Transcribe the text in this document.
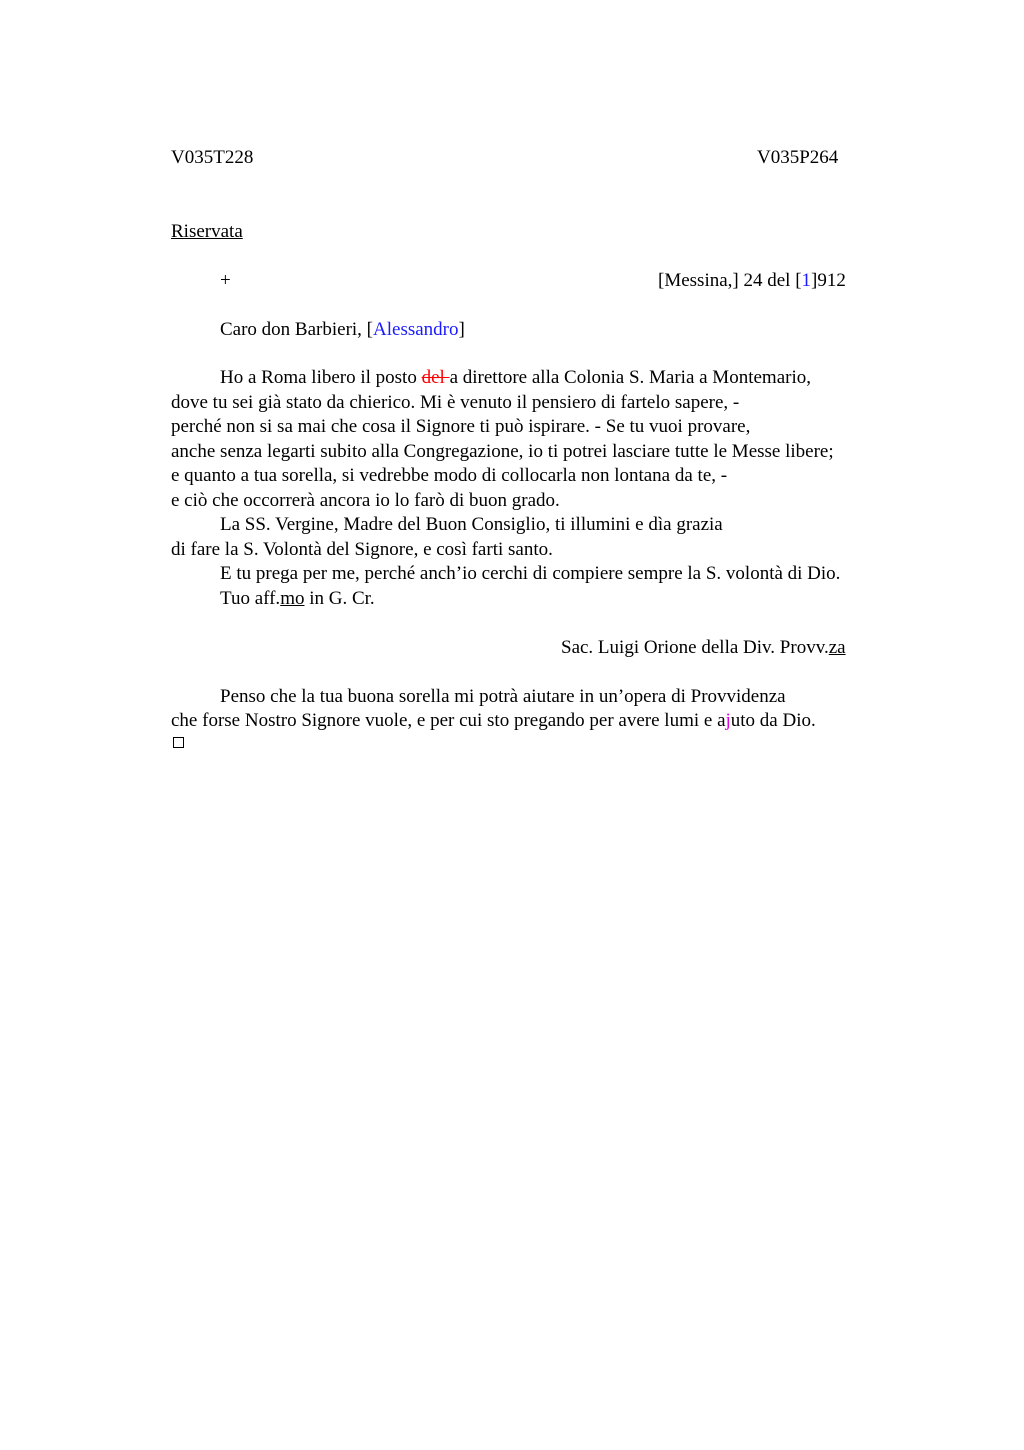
V035T228	V035P264
Riservata
+	[Messina,] 24 del [1]912
Caro don Barbieri, [Alessandro]
Ho a Roma libero il posto del a direttore alla Colonia S. Maria a Montemario,
dove tu sei già stato da chierico. Mi è venuto il pensiero di fartelo sapere, -
perché non si sa mai che cosa il Signore ti può ispirare. - Se tu vuoi provare,
anche senza legarti subito alla Congregazione, io ti potrei lasciare tutte le Messe libere;
e quanto a tua sorella, si vedrebbe modo di collocarla non lontana da te, -
e ciò che occorrerà ancora io lo farò di buon grado.
La SS. Vergine, Madre del Buon Consiglio, ti illumini e dìa grazia
di fare la S. Volontà del Signore, e così farti santo.
E tu prega per me, perché anch’io cerchi di compiere sempre la S. volontà di Dio.
Tuo aff.mo in G. Cr.
Sac. Luigi Orione della Div. Provv.za
Penso che la tua buona sorella mi potrà aiutare in un’opera di Provvidenza
che forse Nostro Signore vuole, e per cui sto pregando per avere lumi e ajuto da Dio.
